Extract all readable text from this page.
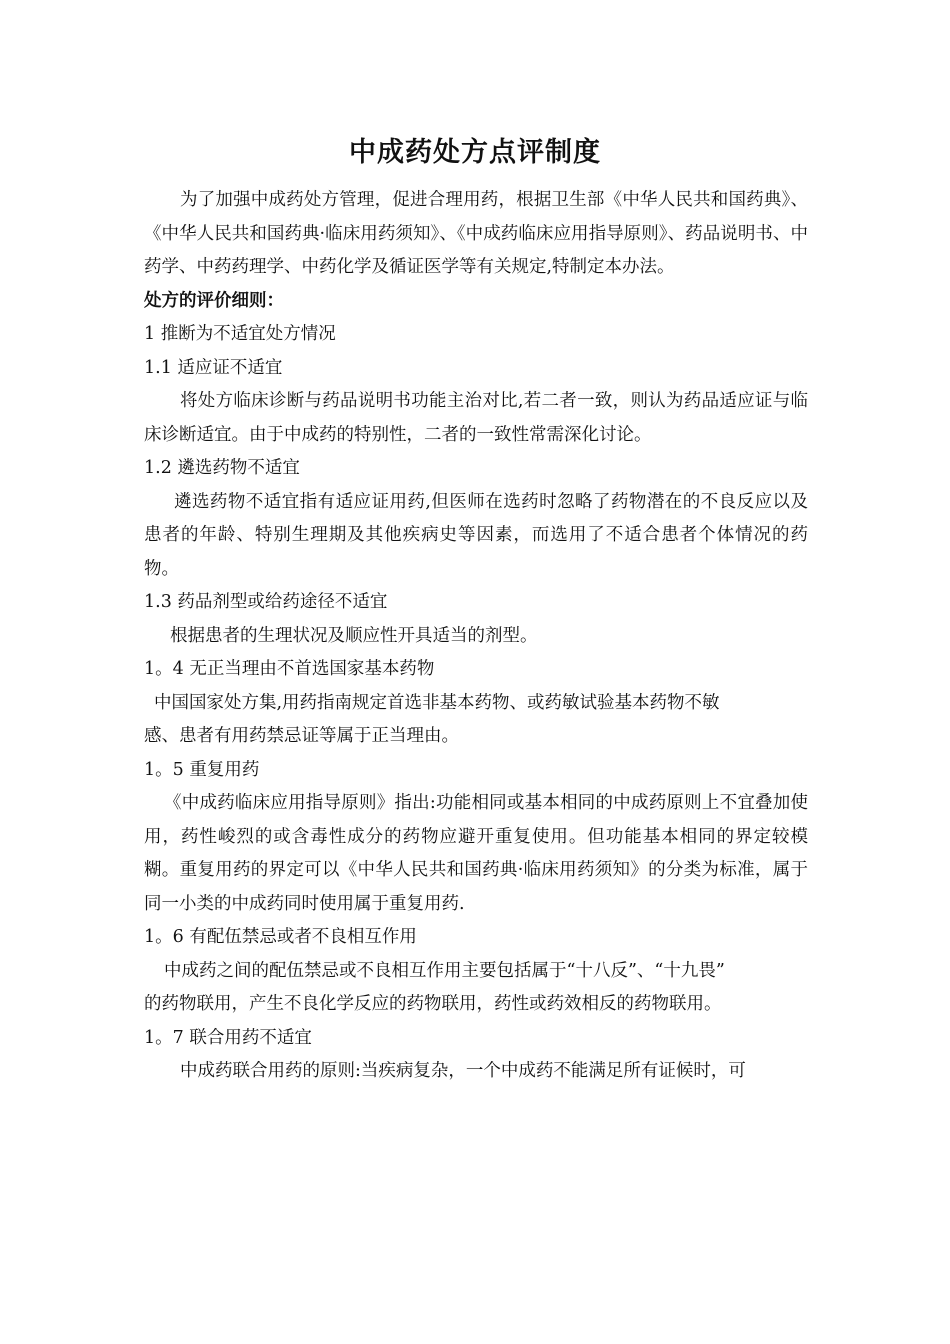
中成药处方点评制度

为了加强中成药处方管理，促进合理用药，根据卫生部《中华人民共和国药典》、《中华人民共和国药典·临床用药须知》、《中成药临床应用指导原则》、药品说明书、中药学、中药药理学、中药化学及循证医学等有关规定,特制定本办法。

处方的评价细则：

1 推断为不适宜处方情况

1.1 适应证不适宜

将处方临床诊断与药品说明书功能主治对比,若二者一致，则认为药品适应证与临床诊断适宜。由于中成药的特别性，二者的一致性常需深化讨论。

1.2 遴选药物不适宜

遴选药物不适宜指有适应证用药,但医师在选药时忽略了药物潜在的不良反应以及患者的年龄、特别生理期及其他疾病史等因素，而选用了不适合患者个体情况的药物。

1.3 药品剂型或给药途径不适宜

根据患者的生理状况及顺应性开具适当的剂型。

1。4 无正当理由不首选国家基本药物

中国国家处方集,用药指南规定首选非基本药物、或药敏试验基本药物不敏

感、患者有用药禁忌证等属于正当理由。

1。5 重复用药

《中成药临床应用指导原则》指出:功能相同或基本相同的中成药原则上不宜叠加使用，药性峻烈的或含毒性成分的药物应避开重复使用。但功能基本相同的界定较模糊。重复用药的界定可以《中华人民共和国药典·临床用药须知》的分类为标准，属于同一小类的中成药同时使用属于重复用药.

1。6 有配伍禁忌或者不良相互作用

中成药之间的配伍禁忌或不良相互作用主要包括属于“十八反”、“十九畏”

的药物联用，产生不良化学反应的药物联用，药性或药效相反的药物联用。

1。7 联合用药不适宜

中成药联合用药的原则:当疾病复杂，一个中成药不能满足所有证候时，可
